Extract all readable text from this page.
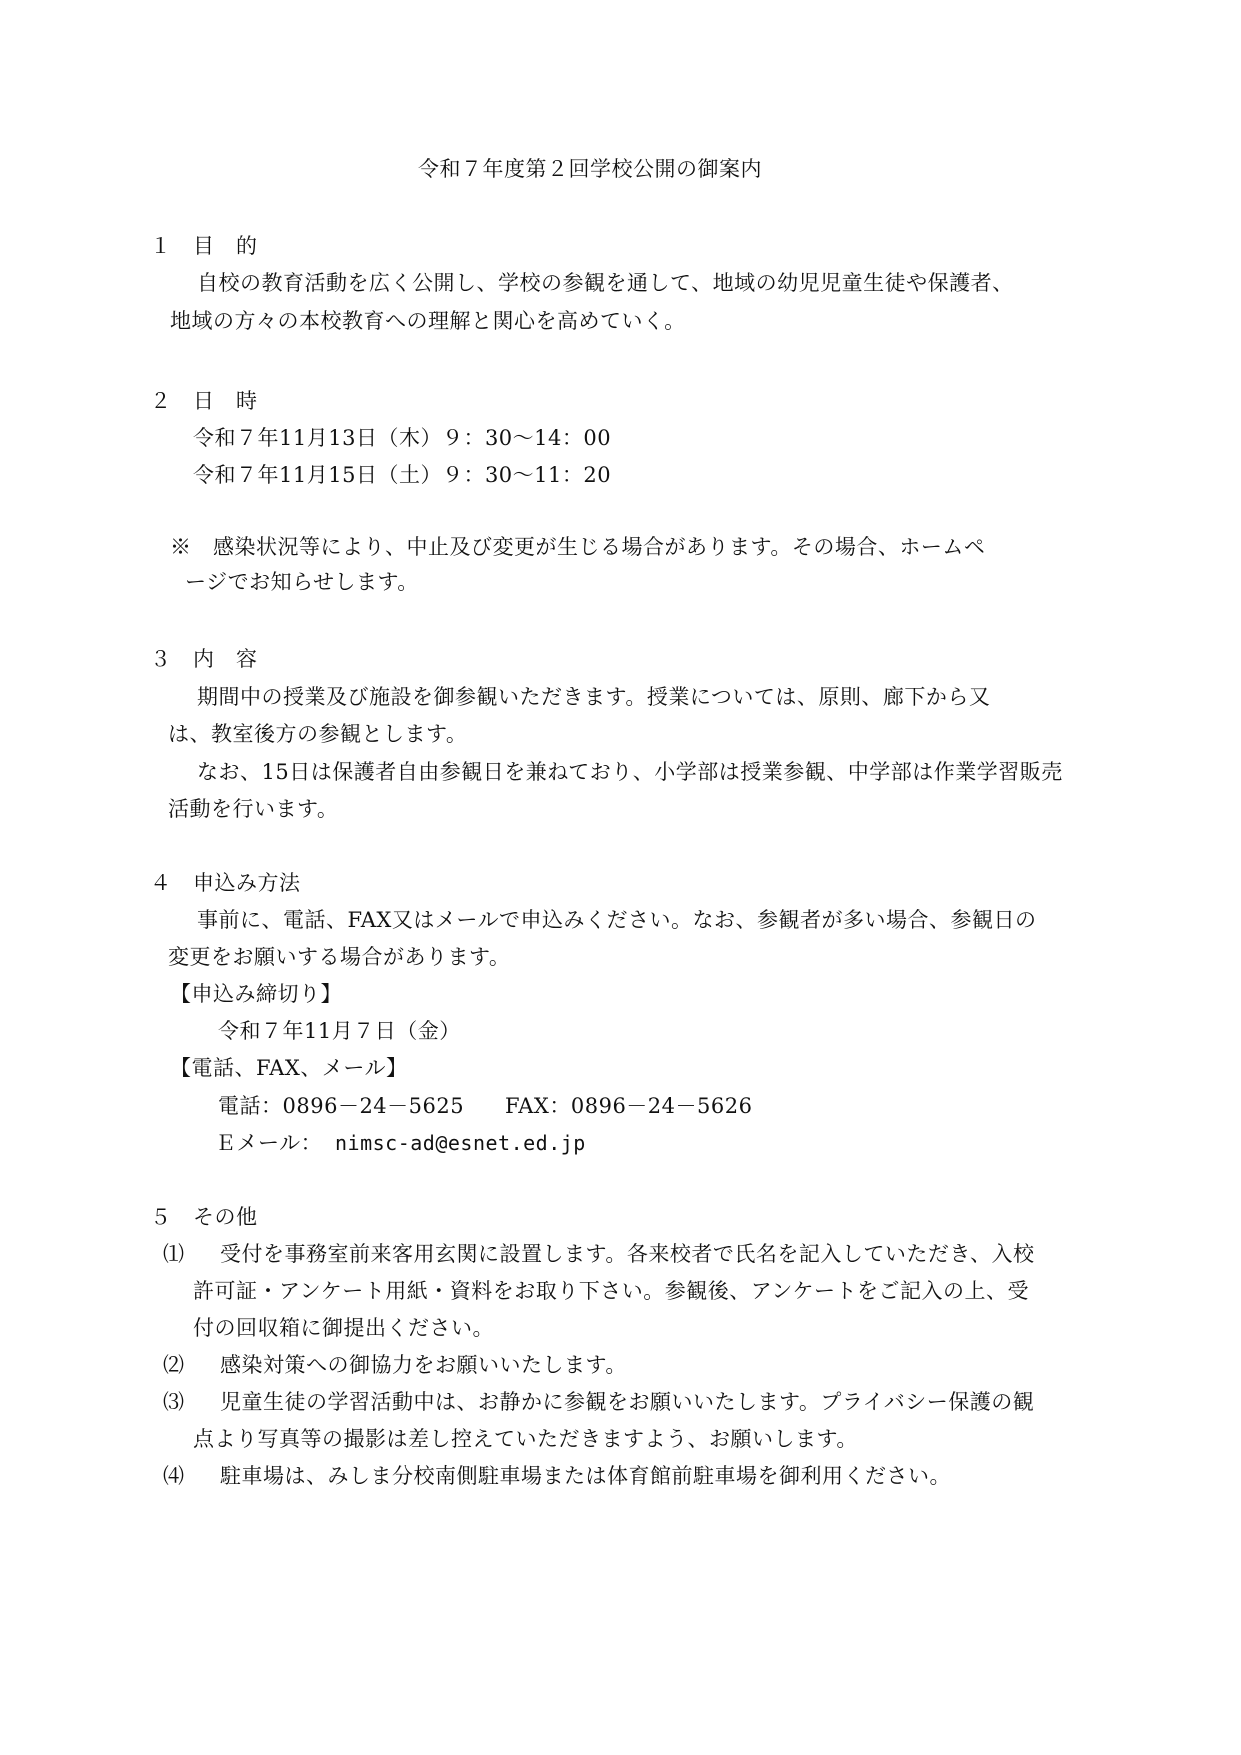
令和７年度第２回学校公開の御案内
１　目　的
自校の教育活動を広く公開し、学校の参観を通して、地域の幼児児童生徒や保護者、
地域の方々の本校教育への理解と関心を高めていく。
２　日　時
令和７年11月13日（木）９：30～14：00
令和７年11月15日（土）９：30～11：20
※　感染状況等により、中止及び変更が生じる場合があります。その場合、ホームペ
ージでお知らせします。
３　内　容
期間中の授業及び施設を御参観いただきます。授業については、原則、廊下から又
は、教室後方の参観とします。
なお、15日は保護者自由参観日を兼ねており、小学部は授業参観、中学部は作業学習販売
活動を行います。
４　申込み方法
事前に、電話、FAX又はメールで申込みください。なお、参観者が多い場合、参観日の
変更をお願いする場合があります。
【申込み締切り】
令和７年11月７日（金）
【電話、FAX、メール】
電話：0896－24－5625 FAX：0896－24－5626
Ｅメール： nimsc-ad@esnet.ed.jp
５　その他
⑴ 受付を事務室前来客用玄関に設置します。各来校者で氏名を記入していただき、入校
許可証・アンケート用紙・資料をお取り下さい。参観後、アンケートをご記入の上、受
付の回収箱に御提出ください。
⑵ 感染対策への御協力をお願いいたします。
⑶ 児童生徒の学習活動中は、お静かに参観をお願いいたします。プライバシー保護の観
点より写真等の撮影は差し控えていただきますよう、お願いします。
⑷ 駐車場は、みしま分校南側駐車場または体育館前駐車場を御利用ください。
